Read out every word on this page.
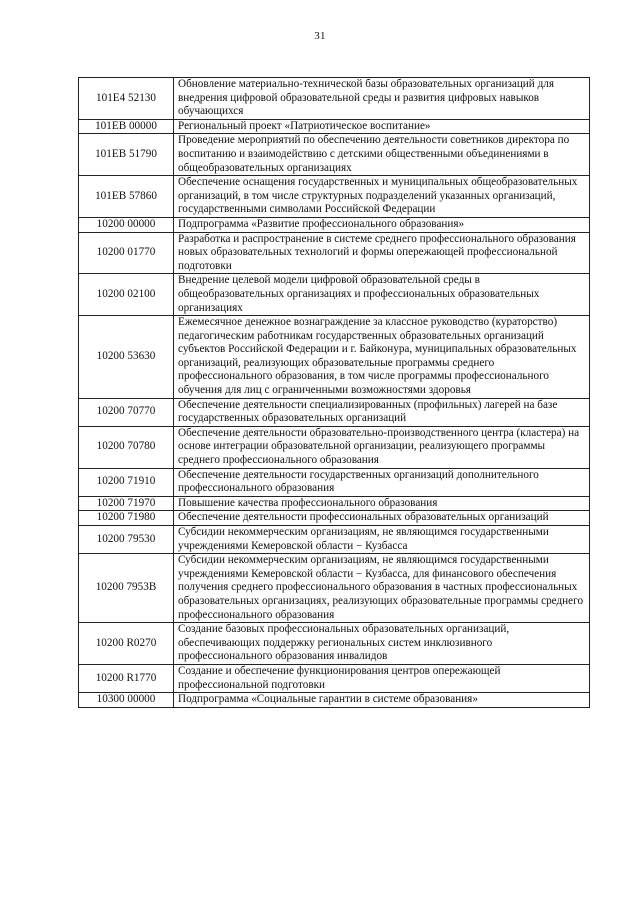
31
101E4 52130	Обновление материально-технической базы образовательных организаций для внедрения цифровой образовательной среды и развития цифровых навыков обучающихся
101EB 00000	Региональный проект «Патриотическое воспитание»
101EB 51790	Проведение мероприятий по обеспечению деятельности советников директора по воспитанию и взаимодействию с детскими общественными объединениями в общеобразовательных организациях
101EB 57860	Обеспечение оснащения государственных и муниципальных общеобразовательных организаций, в том числе структурных подразделений указанных организаций, государственными символами Российской Федерации
10200 00000	Подпрограмма «Развитие профессионального образования»
10200 01770	Разработка и распространение в системе среднего профессионального образования новых образовательных технологий и формы опережающей профессиональной подготовки
10200 02100	Внедрение целевой модели цифровой образовательной среды в общеобразовательных организациях и профессиональных образовательных организациях
10200 53630	Ежемесячное денежное вознаграждение за классное руководство (кураторство) педагогическим работникам государственных образовательных организаций субъектов Российской Федерации и г. Байконура, муниципальных образовательных организаций, реализующих образовательные программы среднего профессионального образования, в том числе программы профессионального обучения для лиц с ограниченными возможностями здоровья
10200 70770	Обеспечение деятельности специализированных (профильных) лагерей на базе государственных образовательных организаций
10200 70780	Обеспечение деятельности образовательно-производственного центра (кластера) на основе интеграции образовательной организации, реализующего программы среднего профессионального образования
10200 71910	Обеспечение деятельности государственных организаций дополнительного профессионального образования
10200 71970	Повышение качества профессионального образования
10200 71980	Обеспечение деятельности профессиональных образовательных организаций
10200 79530	Субсидии некоммерческим организациям, не являющимся государственными учреждениями Кемеровской области − Кузбасса
10200 7953В	Субсидии некоммерческим организациям, не являющимся государственными учреждениями Кемеровской области − Кузбасса, для финансового обеспечения получения среднего профессионального образования в частных профессиональных образовательных организациях, реализующих образовательные программы среднего профессионального образования
10200 R0270	Создание базовых профессиональных образовательных организаций, обеспечивающих поддержку региональных систем инклюзивного профессионального образования инвалидов
10200 R1770	Создание и обеспечение функционирования центров опережающей профессиональной подготовки
10300 00000	Подпрограмма «Социальные гарантии в системе образования»
